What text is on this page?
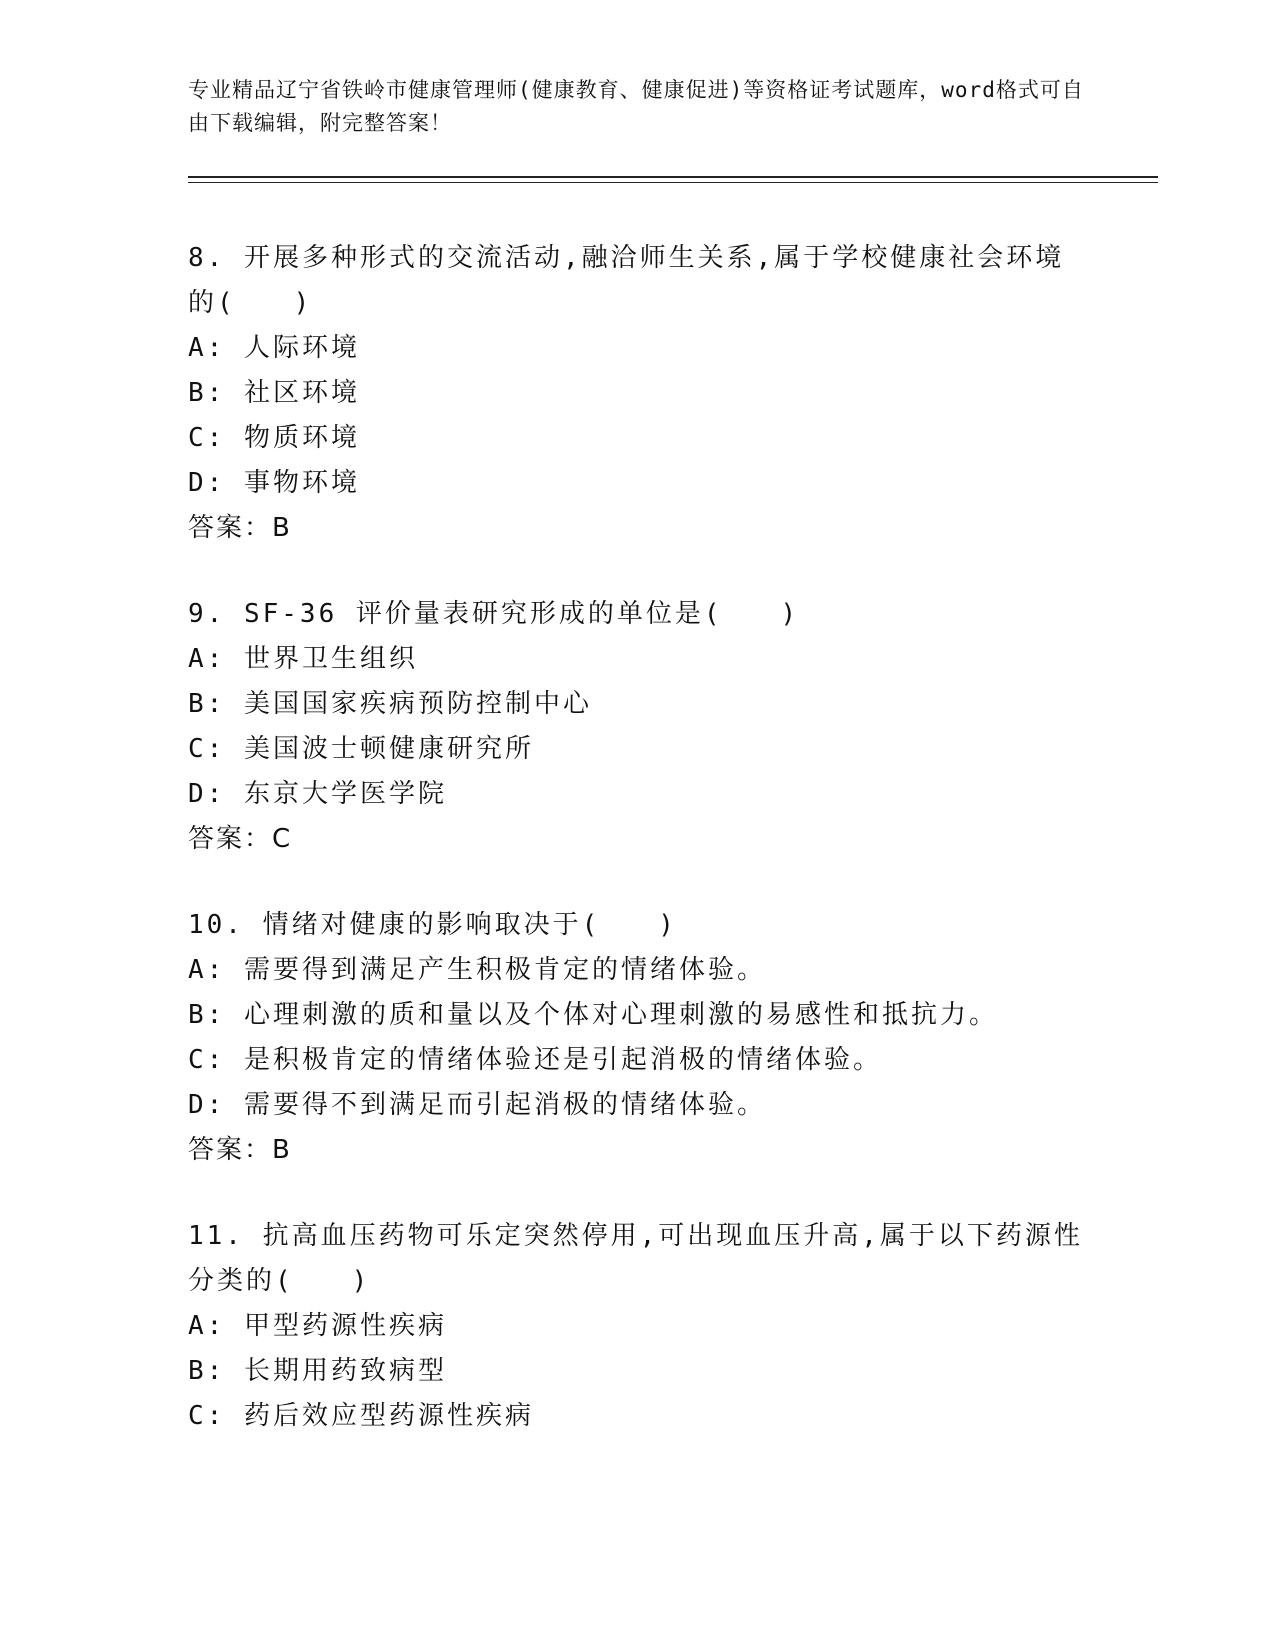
专业精品辽宁省铁岭市健康管理师(健康教育、健康促进)等资格证考试题库，word格式可自由下载编辑，附完整答案！

8. 开展多种形式的交流活动,融洽师生关系,属于学校健康社会环境的(　　)

A: 人际环境

B: 社区环境

C: 物质环境

D: 事物环境

答案：B

9. SF-36 评价量表研究形成的单位是(　　)

A: 世界卫生组织

B: 美国国家疾病预防控制中心

C: 美国波士顿健康研究所

D: 东京大学医学院

答案：C

10. 情绪对健康的影响取决于(　　)

A: 需要得到满足产生积极肯定的情绪体验。

B: 心理刺激的质和量以及个体对心理刺激的易感性和抵抗力。

C: 是积极肯定的情绪体验还是引起消极的情绪体验。

D: 需要得不到满足而引起消极的情绪体验。

答案：B

11. 抗高血压药物可乐定突然停用,可出现血压升高,属于以下药源性分类的(　　)

A: 甲型药源性疾病

B: 长期用药致病型

C: 药后效应型药源性疾病
